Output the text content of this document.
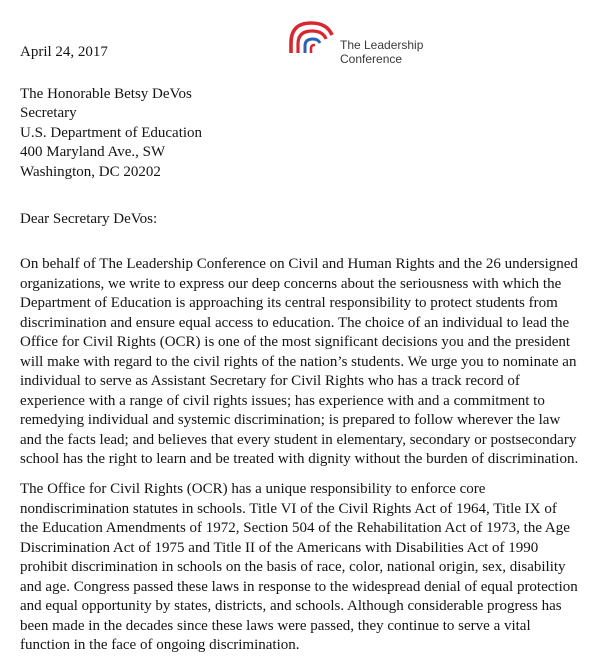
The Leadership
Conference
April 24, 2017
The Honorable Betsy DeVos
Secretary
U.S. Department of Education
400 Maryland Ave., SW
Washington, DC 20202
Dear Secretary DeVos:
On behalf of The Leadership Conference on Civil and Human Rights and the 26 undersigned
organizations, we write to express our deep concerns about the seriousness with which the
Department of Education is approaching its central responsibility to protect students from
discrimination and ensure equal access to education. The choice of an individual to lead the
Office for Civil Rights (OCR) is one of the most significant decisions you and the president
will make with regard to the civil rights of the nation’s students. We urge you to nominate an
individual to serve as Assistant Secretary for Civil Rights who has a track record of
experience with a range of civil rights issues; has experience with and a commitment to
remedying individual and systemic discrimination; is prepared to follow wherever the law
and the facts lead; and believes that every student in elementary, secondary or postsecondary
school has the right to learn and be treated with dignity without the burden of discrimination.
The Office for Civil Rights (OCR) has a unique responsibility to enforce core
nondiscrimination statutes in schools. Title VI of the Civil Rights Act of 1964, Title IX of
the Education Amendments of 1972, Section 504 of the Rehabilitation Act of 1973, the Age
Discrimination Act of 1975 and Title II of the Americans with Disabilities Act of 1990
prohibit discrimination in schools on the basis of race, color, national origin, sex, disability
and age. Congress passed these laws in response to the widespread denial of equal protection
and equal opportunity by states, districts, and schools. Although considerable progress has
been made in the decades since these laws were passed, they continue to serve a vital
function in the face of ongoing discrimination.
